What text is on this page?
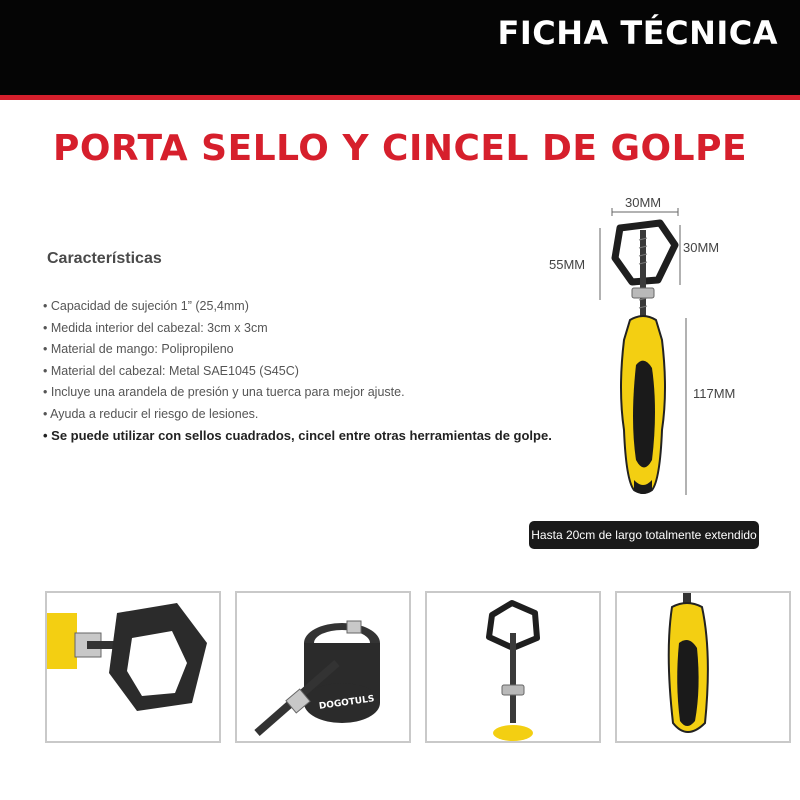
FICHA TÉCNICA
PORTA SELLO Y CINCEL DE GOLPE
Características
• Capacidad de sujeción 1” (25,4mm)
• Medida interior del cabezal: 3cm x 3cm
• Material de mango: Polipropileno
• Material del cabezal: Metal SAE1045 (S45C)
• Incluye una arandela de presión y una tuerca para mejor ajuste.
• Ayuda a reducir el riesgo de lesiones.
• Se puede utilizar con sellos cuadrados, cincel entre otras herramientas de golpe.
30MM
30MM
55MM
117MM
Hasta 20cm de largo totalmente extendido
DOGOTULS
